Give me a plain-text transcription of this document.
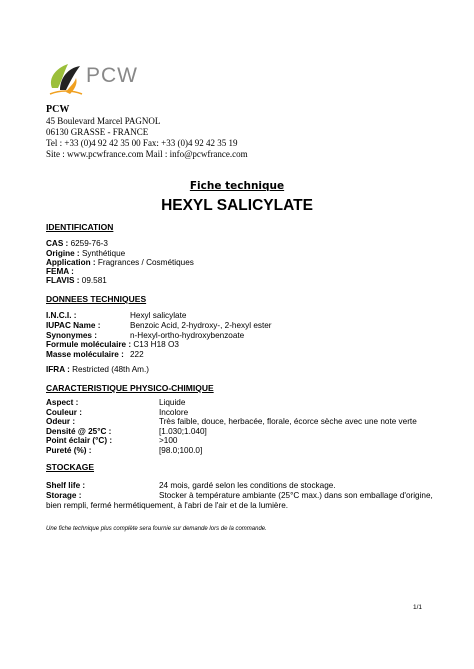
PCW
PCW
45 Boulevard Marcel PAGNOL
06130 GRASSE - FRANCE
Tel : +33 (0)4 92 42 35 00 Fax: +33 (0)4 92 42 35 19
Site : www.pcwfrance.com Mail : info@pcwfrance.com
Fiche technique
HEXYL SALICYLATE
IDENTIFICATION
CAS : 6259-76-3
Origine : Synthétique
Application : Fragrances / Cosmétiques
FEMA :
FLAVIS : 09.581
DONNEES TECHNIQUES
I.N.C.I. :	Hexyl salicylate
IUPAC Name :	Benzoic Acid, 2-hydroxy-, 2-hexyl ester
Synonymes :	n-Hexyl-ortho-hydroxybenzoate
Formule moléculaire : C13 H18 O3
Masse moléculaire : 222
IFRA : Restricted (48th Am.)
CARACTERISTIQUE PHYSICO-CHIMIQUE
Aspect :	Liquide
Couleur :	Incolore
Odeur :	Très faible, douce, herbacée, florale, écorce sèche avec une note verte
Densité @ 25°C :	[1.030;1.040]
Point éclair (°C) :	>100
Pureté (%) :	[98.0;100.0]
STOCKAGE
Shelf life :	24 mois, gardé selon les conditions de stockage.
Storage :	Stocker à température ambiante (25°C max.) dans son emballage d'origine,
bien rempli, fermé hermétiquement, à l'abri de l'air et de la lumière.
Une fiche technique plus complète sera fournie sur demande lors de la commande.
1/1
